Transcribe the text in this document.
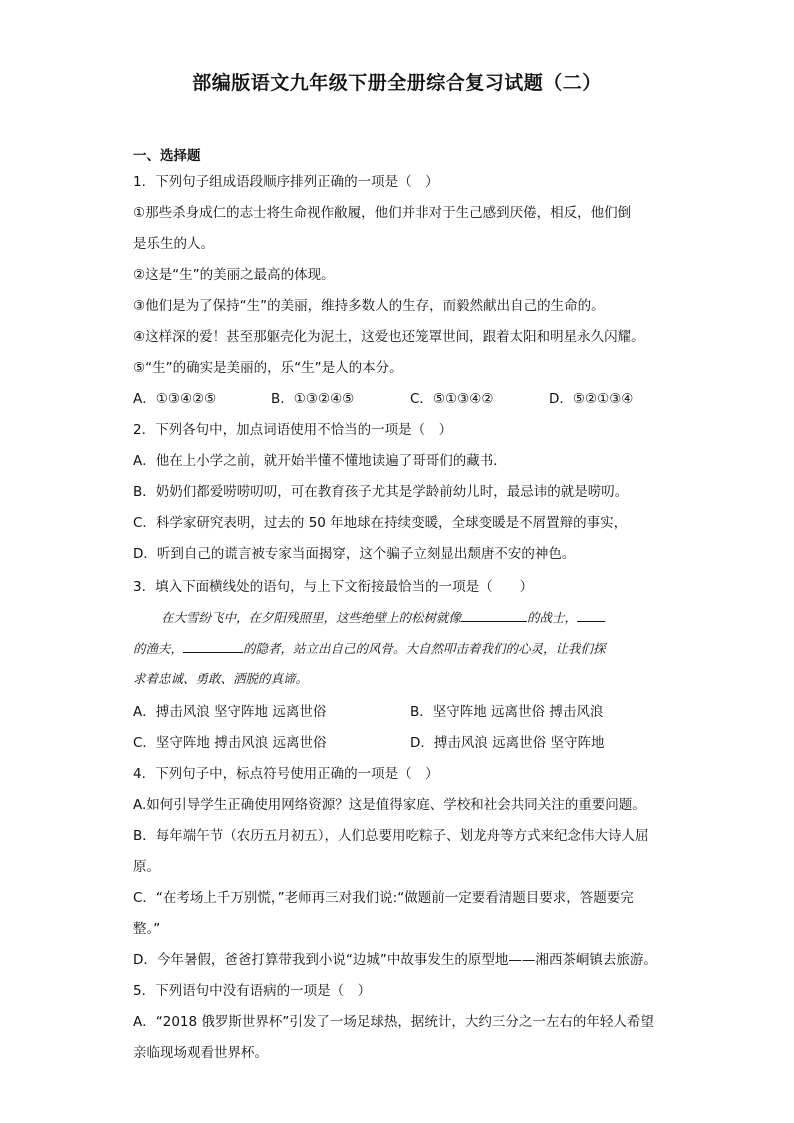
部编版语文九年级下册全册综合复习试题（二）
一、选择题
1．下列句子组成语段顺序排列正确的一项是（　）
①那些杀身成仁的志士将生命视作敝履，他们并非对于生己感到厌倦，相反，他们倒
是乐生的人。
②这是“生”的美丽之最高的体现。
③他们是为了保持“生”的美丽，维持多数人的生存，而毅然献出自己的生命的。
④这样深的爱！甚至那躯壳化为泥土，这爱也还笼罩世间，跟着太阳和明星永久闪耀。
⑤“生”的确实是美丽的，乐“生”是人的本分。
A．①③④②⑤	B．①③②④⑤	C．⑤①③④②	D．⑤②①③④
2．下列各句中，加点词语使用不恰当的一项是（　）
A．他在上小学之前，就开始半懂不懂地读遍了哥哥们的藏书．
B．奶奶们都爱唠唠叨叨，可在教育孩子尤其是学龄前幼儿时，最忌讳的就是唠叨。
C．科学家研究表明，过去的 50 年地球在持续变暖，全球变暖是不屑置辩的事实，
D．听到自己的谎言被专家当面揭穿，这个骗子立刻显出颓唐不安的神色。
3．填入下面横线处的语句，与上下文衔接最恰当的一项是（　　）
在大雪纷飞中，在夕阳残照里，这些绝壁上的松树就像	的战士，
的渔夫，	的隐者，站立出自己的风骨。大自然叩击着我们的心灵，让我们探
求着忠诚、勇敢、洒脱的真谛。
A．搏击风浪 坚守阵地 远离世俗	B．坚守阵地 远离世俗 搏击风浪
C．坚守阵地 搏击风浪 远离世俗	D．搏击风浪 远离世俗 坚守阵地
4．下列句子中，标点符号使用正确的一项是（　）
A.如何引导学生正确使用网络资源？这是值得家庭、学校和社会共同关注的重要问题。
B．每年端午节（农历五月初五），人们总要用吃粽子、划龙舟等方式来纪念伟大诗人屈
原。
C．“在考场上千万别慌，”老师再三对我们说:“做题前一定要看清题目要求，答题要完
整。”
D．今年暑假，爸爸打算带我到小说“边城”中故事发生的原型地——湘西茶峒镇去旅游。
5．下列语句中没有语病的一项是（　）
A．“2018 俄罗斯世界杯”引发了一场足球热，据统计，大约三分之一左右的年轻人希望
亲临现场观看世界杯。
